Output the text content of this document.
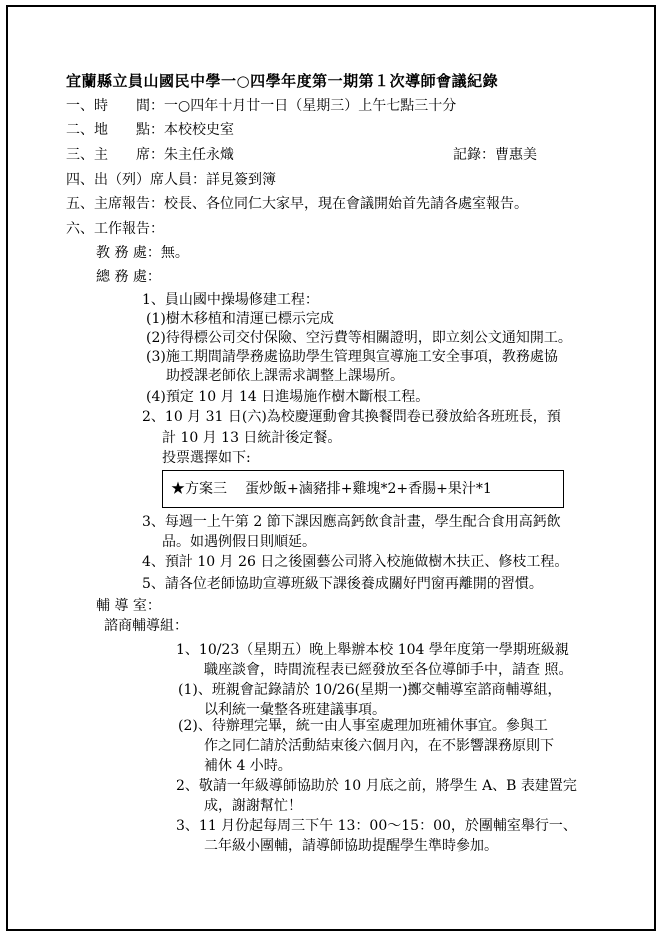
宜蘭縣立員山國民中學一○四學年度第一期第１次導師會議紀錄
一、時　　間：一○四年十月廿一日（星期三）上午七點三十分
二、地　　點：本校校史室
三、主　　席：朱主任永熾	記錄：曹惠美
四、出（列）席人員：詳見簽到簿
五、主席報告：校長、各位同仁大家早，現在會議開始首先請各處室報告。
六、工作報告：
教 務 處：無。
總 務 處：
1、員山國中操場修建工程：
(1)樹木移植和清運已標示完成
(2)待得標公司交付保險、空污費等相關證明，即立刻公文通知開工。
(3)施工期間請學務處協助學生管理與宣導施工安全事項，教務處協
助授課老師依上課需求調整上課場所。
(4)預定 10 月 14 日進場施作樹木斷根工程。
2、10 月 31 日(六)為校慶運動會其換餐問卷已發放給各班班長，預
計 10 月 13 日統計後定餐。
投票選擇如下:
★方案三 蛋炒飯+滷豬排+雞塊*2+香腸+果汁*1
3、每週一上午第 2 節下課因應高鈣飲食計畫，學生配合食用高鈣飲
品。如遇例假日則順延。
4、預計 10 月 26 日之後園藝公司將入校施做樹木扶正、修枝工程。
5、請各位老師協助宣導班級下課後養成關好門窗再離開的習慣。
輔 導 室：
諮商輔導組：
1、10/23（星期五）晚上舉辦本校 104 學年度第一學期班級親
職座談會，時間流程表已經發放至各位導師手中，請查 照。
(1)、班親會記錄請於 10/26(星期一)擲交輔導室諮商輔導組，
以利統一彙整各班建議事項。
(2)、待辦理完畢，統一由人事室處理加班補休事宜。參與工
作之同仁請於活動結束後六個月內，在不影響課務原則下
補休 4 小時。
2、敬請一年級導師協助於 10 月底之前，將學生 A、B 表建置完
成，謝謝幫忙！
3、11 月份起每周三下午 13：00～15：00，於團輔室舉行一、
二年級小團輔，請導師協助提醒學生準時參加。
